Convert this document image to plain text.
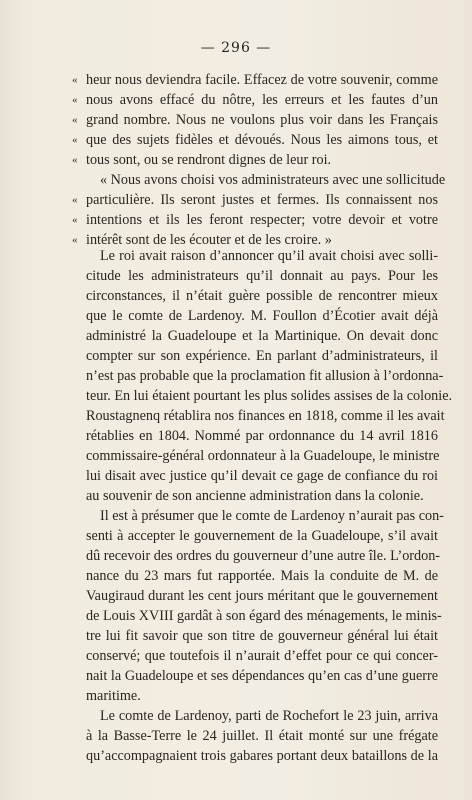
— 296 —
« heur nous deviendra facile. Effacez de votre souvenir, comme
« nous avons effacé du nôtre, les erreurs et les fautes d’un
« grand nombre. Nous ne voulons plus voir dans les Français
« que des sujets fidèles et dévoués. Nous les aimons tous, et
« tous sont, ou se rendront dignes de leur roi.
« Nous avons choisi vos administrateurs avec une sollicitude
« particulière. Ils seront justes et fermes. Ils connaissent nos
« intentions et ils les feront respecter; votre devoir et votre
« intérêt sont de les écouter et de les croire. »
Le roi avait raison d’annoncer qu’il avait choisi avec solli-
citude les administrateurs qu’il donnait au pays. Pour les
circonstances, il n’était guère possible de rencontrer mieux
que le comte de Lardenoy. M. Foullon d’Écotier avait déjà
administré la Guadeloupe et la Martinique. On devait donc
compter sur son expérience. En parlant d’administrateurs, il
n’est pas probable que la proclamation fit allusion à l’ordonna-
teur. En lui étaient pourtant les plus solides assises de la colonie.
Roustagnenq rétablira nos finances en 1818, comme il les avait
rétablies en 1804. Nommé par ordonnance du 14 avril 1816
commissaire-général ordonnateur à la Guadeloupe, le ministre
lui disait avec justice qu’il devait ce gage de confiance du roi
au souvenir de son ancienne administration dans la colonie.
Il est à présumer que le comte de Lardenoy n’aurait pas con-
senti à accepter le gouvernement de la Guadeloupe, s’il avait
dû recevoir des ordres du gouverneur d’une autre île. L’ordon-
nance du 23 mars fut rapportée. Mais la conduite de M. de
Vaugiraud durant les cent jours méritant que le gouvernement
de Louis XVIII gardât à son égard des ménagements, le minis-
tre lui fit savoir que son titre de gouverneur général lui était
conservé; que toutefois il n’aurait d’effet pour ce qui concer-
nait la Guadeloupe et ses dépendances qu’en cas d’une guerre
maritime.
Le comte de Lardenoy, parti de Rochefort le 23 juin, arriva
à la Basse-Terre le 24 juillet. Il était monté sur une frégate
qu’accompagnaient trois gabares portant deux bataillons de la
